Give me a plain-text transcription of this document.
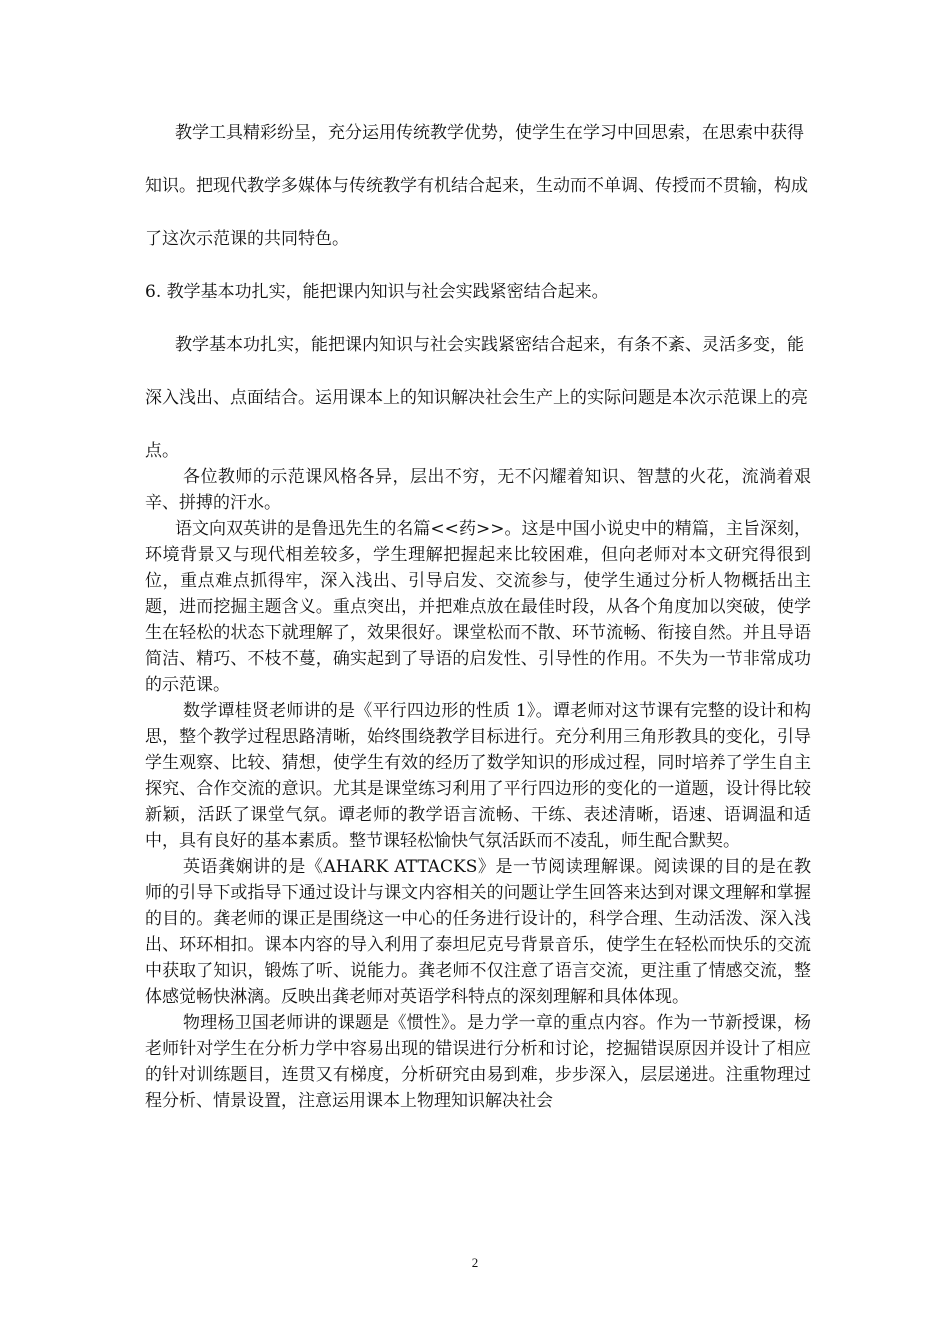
教学工具精彩纷呈，充分运用传统教学优势，使学生在学习中回思索，在思索中获得

知识。把现代教学多媒体与传统教学有机结合起来，生动而不单调、传授而不贯输，构成

了这次示范课的共同特色。

6. 教学基本功扎实，能把课内知识与社会实践紧密结合起来。

教学基本功扎实，能把课内知识与社会实践紧密结合起来，有条不紊、灵活多变，能

深入浅出、点面结合。运用课本上的知识解决社会生产上的实际问题是本次示范课上的亮

点。

各位教师的示范课风格各异，层出不穷，无不闪耀着知识、智慧的火花，流淌着艰辛、拼搏的汗水。

语文向双英讲的是鲁迅先生的名篇<<药>>。这是中国小说史中的精篇，主旨深刻，环境背景又与现代相差较多，学生理解把握起来比较困难，但向老师对本文研究得很到位，重点难点抓得牢，深入浅出、引导启发、交流参与，使学生通过分析人物概括出主题，进而挖掘主题含义。重点突出，并把难点放在最佳时段，从各个角度加以突破，使学生在轻松的状态下就理解了，效果很好。课堂松而不散、环节流畅、衔接自然。并且导语简洁、精巧、不枝不蔓，确实起到了导语的启发性、引导性的作用。不失为一节非常成功的示范课。

数学谭桂贤老师讲的是《平行四边形的性质 1》。谭老师对这节课有完整的设计和构思，整个教学过程思路清晰，始终围绕教学目标进行。充分利用三角形教具的变化，引导学生观察、比较、猜想，使学生有效的经历了数学知识的形成过程，同时培养了学生自主探究、合作交流的意识。尤其是课堂练习利用了平行四边形的变化的一道题，设计得比较新颖，活跃了课堂气氛。谭老师的教学语言流畅、干练、表述清晰，语速、语调温和适中，具有良好的基本素质。整节课轻松愉快气氛活跃而不凌乱，师生配合默契。

英语龚娴讲的是《AHARK ATTACKS》是一节阅读理解课。阅读课的目的是在教师的引导下或指导下通过设计与课文内容相关的问题让学生回答来达到对课文理解和掌握的目的。龚老师的课正是围绕这一中心的任务进行设计的，科学合理、生动活泼、深入浅出、环环相扣。课本内容的导入利用了泰坦尼克号背景音乐，使学生在轻松而快乐的交流中获取了知识，锻炼了听、说能力。龚老师不仅注意了语言交流，更注重了情感交流，整体感觉畅快淋漓。反映出龚老师对英语学科特点的深刻理解和具体体现。

物理杨卫国老师讲的课题是《惯性》。是力学一章的重点内容。作为一节新授课，杨老师针对学生在分析力学中容易出现的错误进行分析和讨论，挖掘错误原因并设计了相应的针对训练题目，连贯又有梯度，分析研究由易到难，步步深入，层层递进。注重物理过程分析、情景设置，注意运用课本上物理知识解决社会

2
